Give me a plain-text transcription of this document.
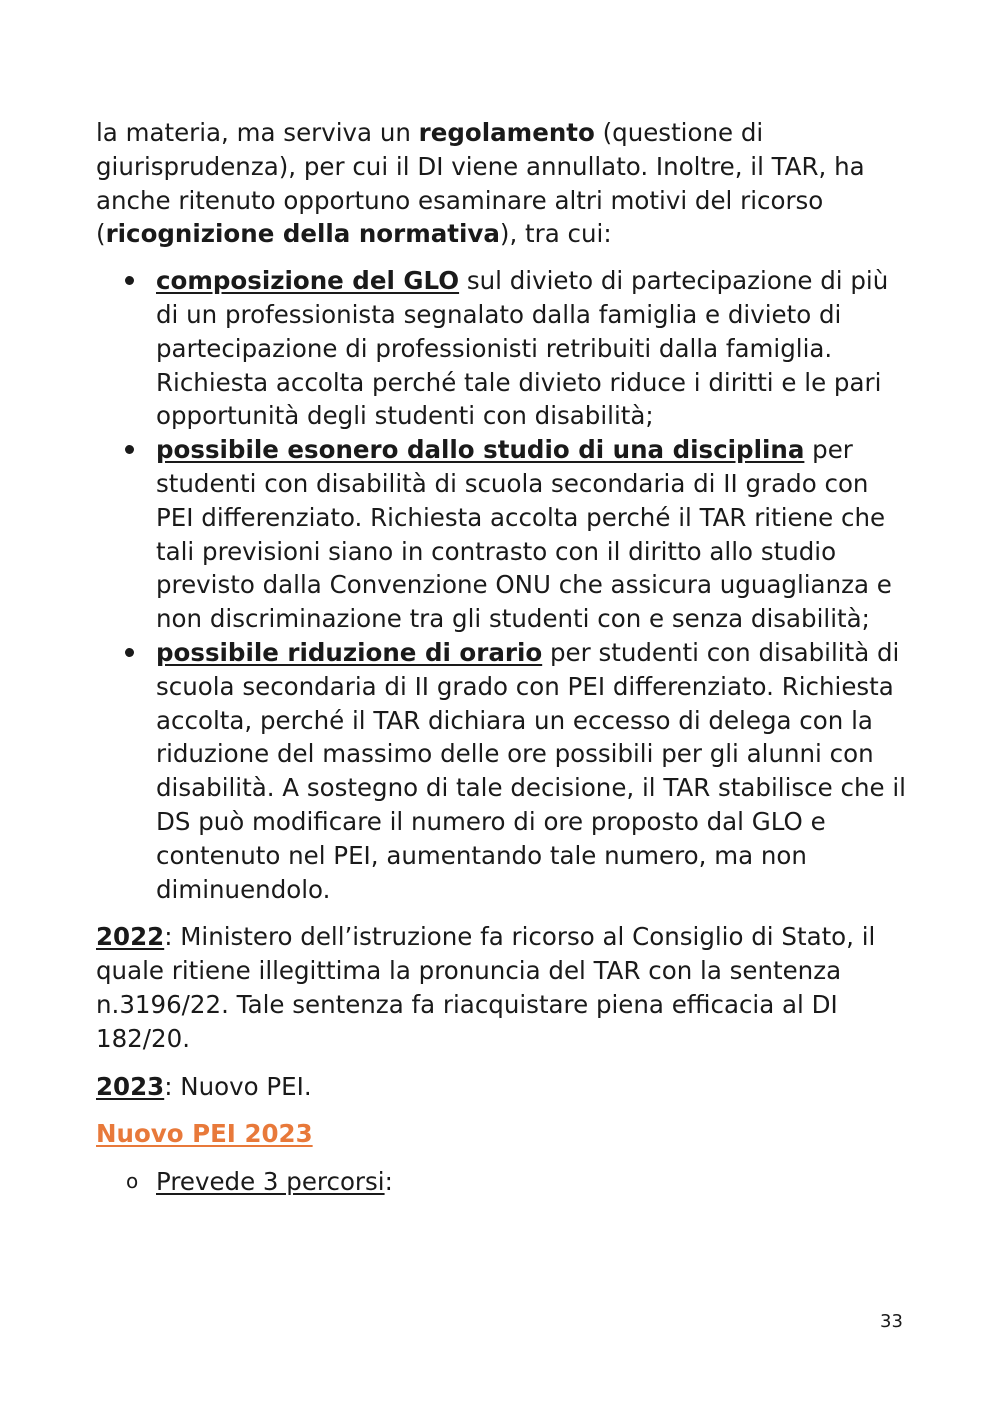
la materia, ma serviva un regolamento (questione di giurisprudenza), per cui il DI viene annullato. Inoltre, il TAR, ha anche ritenuto opportuno esaminare altri motivi del ricorso (ricognizione della normativa), tra cui:

composizione del GLO sul divieto di partecipazione di più di un professionista segnalato dalla famiglia e divieto di partecipazione di professionisti retribuiti dalla famiglia. Richiesta accolta perché tale divieto riduce i diritti e le pari opportunità degli studenti con disabilità;
possibile esonero dallo studio di una disciplina per studenti con disabilità di scuola secondaria di II grado con PEI differenziato. Richiesta accolta perché il TAR ritiene che tali previsioni siano in contrasto con il diritto allo studio previsto dalla Convenzione ONU che assicura uguaglianza e non discriminazione tra gli studenti con e senza disabilità;
possibile riduzione di orario per studenti con disabilità di scuola secondaria di II grado con PEI differenziato. Richiesta accolta, perché il TAR dichiara un eccesso di delega con la riduzione del massimo delle ore possibili per gli alunni con disabilità. A sostegno di tale decisione, il TAR stabilisce che il DS può modificare il numero di ore proposto dal GLO e contenuto nel PEI, aumentando tale numero, ma non diminuendolo.

2022: Ministero dell’istruzione fa ricorso al Consiglio di Stato, il quale ritiene illegittima la pronuncia del TAR con la sentenza n.3196/22. Tale sentenza fa riacquistare piena efficacia al DI 182/20.

2023: Nuovo PEI.

Nuovo PEI 2023

o Prevede 3 percorsi:
33
